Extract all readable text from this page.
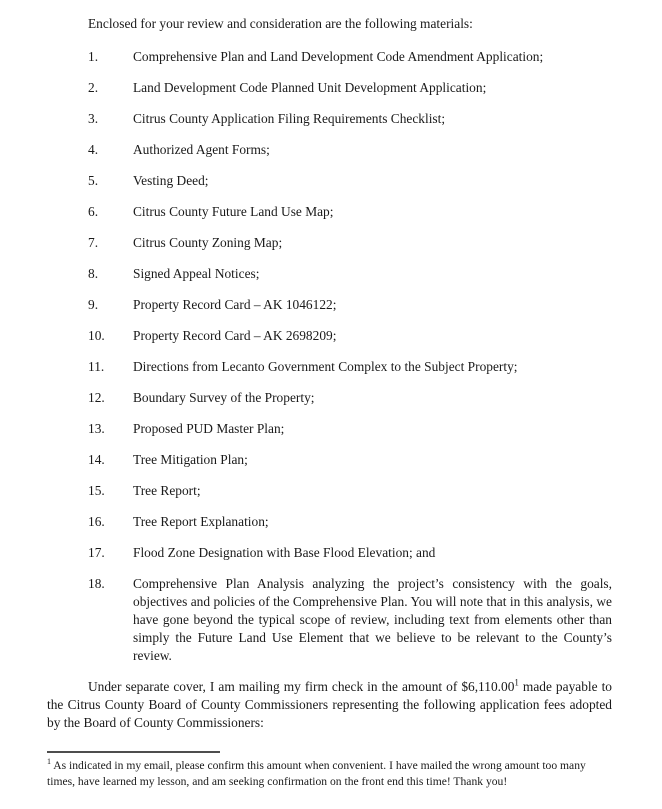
Enclosed for your review and consideration are the following materials:

1.	Comprehensive Plan and Land Development Code Amendment Application;
2.	Land Development Code Planned Unit Development Application;
3.	Citrus County Application Filing Requirements Checklist;
4.	Authorized Agent Forms;
5.	Vesting Deed;
6.	Citrus County Future Land Use Map;
7.	Citrus County Zoning Map;
8.	Signed Appeal Notices;
9.	Property Record Card – AK 1046122;
10.	Property Record Card – AK 2698209;
11.	Directions from Lecanto Government Complex to the Subject Property;
12.	Boundary Survey of the Property;
13.	Proposed PUD Master Plan;
14.	Tree Mitigation Plan;
15.	Tree Report;
16.	Tree Report Explanation;
17.	Flood Zone Designation with Base Flood Elevation; and
18.	Comprehensive Plan Analysis analyzing the project’s consistency with the goals, objectives and policies of the Comprehensive Plan. You will note that in this analysis, we have gone beyond the typical scope of review, including text from elements other than simply the Future Land Use Element that we believe to be relevant to the County’s review.

Under separate cover, I am mailing my firm check in the amount of $6,110.00$^1$ made payable to the Citrus County Board of County Commissioners representing the following application fees adopted by the Board of County Commissioners:

$^1$ As indicated in my email, please confirm this amount when convenient. I have mailed the wrong amount too many times, have learned my lesson, and am seeking confirmation on the front end this time! Thank you!
